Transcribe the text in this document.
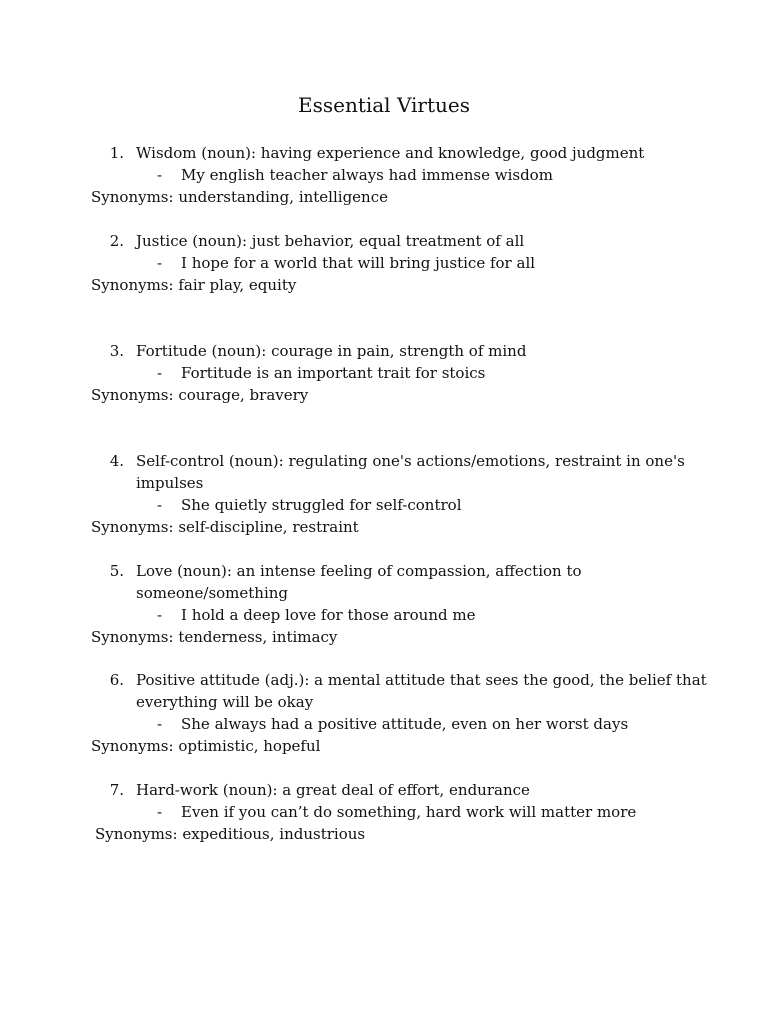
Essential Virtues
1. Wisdom (noun): having experience and knowledge, good judgment
- My english teacher always had immense wisdom
Synonyms: understanding, intelligence
2. Justice (noun): just behavior, equal treatment of all
- I hope for a world that will bring justice for all
Synonyms: fair play, equity
3. Fortitude (noun): courage in pain, strength of mind
- Fortitude is an important trait for stoics
Synonyms: courage, bravery
4. Self-control (noun): regulating one's actions/emotions, restraint in one's
impulses
- She quietly struggled for self-control
Synonyms: self-discipline, restraint
5. Love (noun): an intense feeling of compassion, affection to
someone/something
- I hold a deep love for those around me
Synonyms: tenderness, intimacy
6. Positive attitude (adj.): a mental attitude that sees the good, the belief that
everything will be okay
- She always had a positive attitude, even on her worst days
Synonyms: optimistic, hopeful
7. Hard-work (noun): a great deal of effort, endurance
- Even if you can’t do something, hard work will matter more
Synonyms: expeditious, industrious
